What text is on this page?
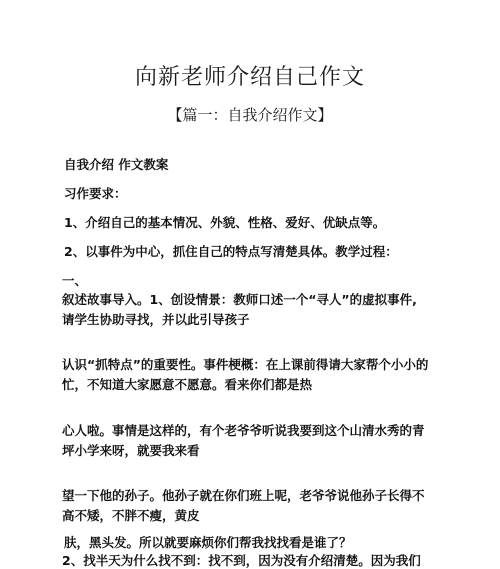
向新老师介绍自己作文
【篇一：自我介绍作文】
自我介绍 作文教案
习作要求：
1、介绍自己的基本情况、外貌、性格、爱好、优缺点等。
2、以事件为中心，抓住自己的特点写清楚具体。教学过程：
一、
叙述故事导入。1、创设情景：教师口述一个“寻人”的虚拟事件,
请学生协助寻找，并以此引导孩子
认识“抓特点”的重要性。事件梗概：在上课前得请大家帮个小小的
忙，不知道大家愿意不愿意。看来你们都是热
心人啦。事情是这样的，有个老爷爷听说我要到这个山清水秀的青
坪小学来呀，就要我来看
望一下他的孙子。他孙子就在你们班上呢，老爷爷说他孙子长得不
高不矮，不胖不瘦，黄皮
肤，黑头发。所以就要麻烦你们帮我找找看是谁了？
2、找半天为什么找不到：找不到，因为没有介绍清楚。因为我们
